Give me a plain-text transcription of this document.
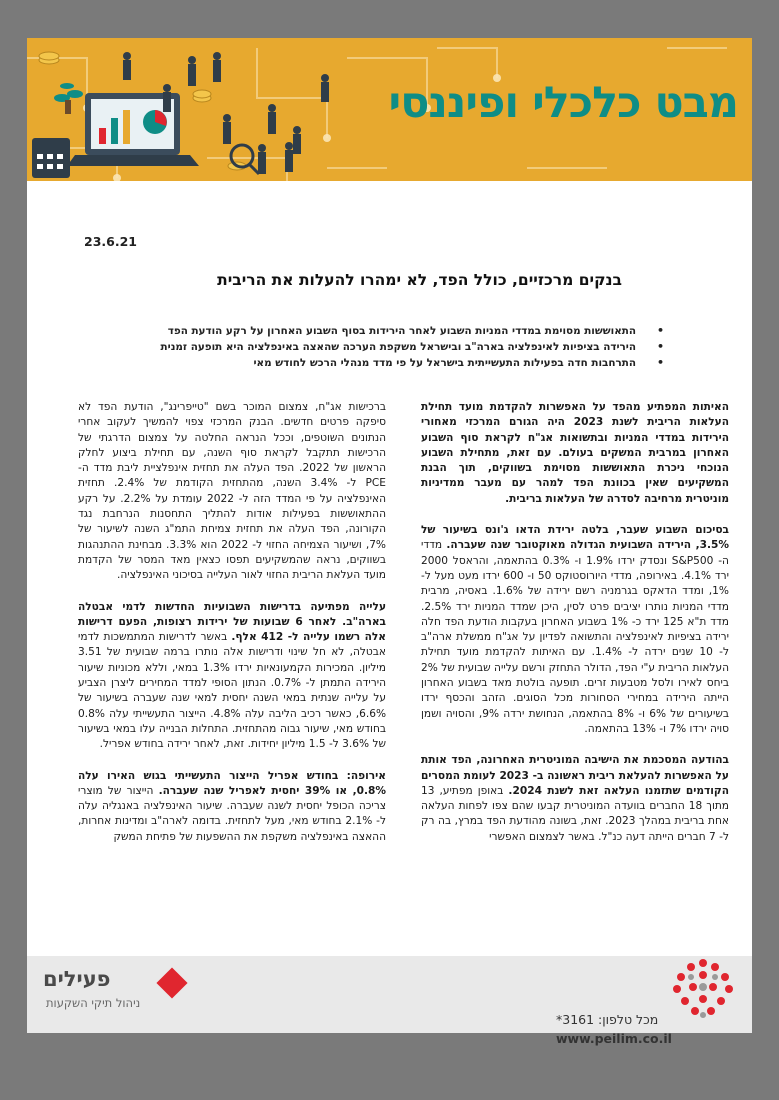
מבט כלכלי ופיננסי
23.6.21
בנקים מרכזיים, כולל הפד, לא ימהרו להעלות את הריבית
•
התאוששות מסוימת במדדי המניות השבוע לאחר הירידות בסוף השבוע האחרון על רקע הודעת הפד
•
הירידה בציפיות לאינפלציה בארה"ב ובישראל משקפת הערכה שהאצה באינפלציה היא תופעה זמנית
•
התרחבות חדה בפעילות התעשייתית בישראל על פי מדד מנהלי הרכש לחודש מאי

האיתות המפתיע מהפד על האפשרות להקדמת מועד תחילת העלאות הריבית לשנת 2023 היה הגורם המרכזי מאחורי הירידות במדדי המניות ובתשואות אג"ח לקראת סוף השבוע האחרון במרבית המשקים בעולם. עם זאת, מתחילת השבוע הנוכחי ניכרת התאוששות מסוימת בשווקים, תוך הבנת המשקיעים שאין בכוונת הפד למהר עם מעבר ממדיניות מוניטרית מרחיבה לסדרה של העלאות בריבית.

בסיכום השבוע שעבר, בלטה ירידת הדאו ג'ונס בשיעור של 3.5%, הירידה השבועית הגדולה מאוקטובר שנה שעברה. מדדי ה- S&P500 ונסדק ירדו 1.9% ו- 0.3% בהתאמה, והראסל 2000 ירד 4.1%. באירופה, מדדי היורוסטוקס 50 ו- 600 ירדו מעט מעל ל- 1%, ומדד הדאקס בגרמניה רשם ירידה של 1.6%. באסיה, מרבית מדדי המניות נותרו יציבים פרט לסין, היכן שמדד המניות ירד 2.5%. מדד ת"א 125 ירד כ- 1% בשבוע האחרון בעקבות הודעת הפד חלה ירידה בציפיות לאינפלציה והתשואה לפדיון על אג"ח ממשלת ארה"ב ל- 10 שנים ירדה ל- 1.4%. עם האיתות להקדמת מועד תחילת העלאות הריבית ע"י הפד, הדולר התחזק ורשם עלייה שבועית של 2% ביחס לאירו ולסל מטבעות זרים. תופעה בולטת מאד בשבוע האחרון הייתה הירידה במחירי הסחורות מכל הסוגים. הזהב והכסף ירדו בשיעורים של 6% ו- 8% בהתאמה, הנחושת ירדה 9%, והסויה ושמן סויה ירדו 7% ו- 13% בהתאמה.

בהודעה המסכמת את הישיבה המוניטרית האחרונה, הפד אותת על האפשרות להעלאת ריבית ראשונה ב- 2023 לעומת המסרים הקודמים שתזמנו העלאה זאת לשנת 2024. באופן מפתיע, 13 מתוך 18 החברים בוועדה המוניטרית קבעו שהם צפו לפחות העלאה אחת בריבית במהלך 2023. זאת, בשונה מהודעת הפד במרץ, בה רק ל- 7 חברים הייתה דעה כנ"ל. באשר לצמצום האפשרי

ברכישות אג"ח, צמצום המוכר בשם "טייפרינג", הודעת הפד לא סיפקה פרטים חדשים. הבנק המרכזי צפוי להמשיך לעקוב אחרי הנתונים השוטפים, וככל הנראה החלטה על צמצום הדרגתי של הרכישות תתקבל לקראת סוף השנה, עם תחילת ביצוע לחלק הראשון של 2022. הפד העלה את תחזית אינפלציית ליבת מדד ה- PCE ל- 3.4% השנה, מהתחזית הקודמת של 2.4%. תחזית האינפלציה על פי המדד הזה ל- 2022 עומדת על 2.2%. על רקע ההתאוששות בפעילות אודות להתליך התחסנות הנרחבת נגד הקורונה, הפד העלה את תחזית צמיחת התמ"ג השנה לשיעור של 7%, ושיעור הצמיחה החזוי ל- 2022 הוא 3.3%. מבחינת ההתנהגות בשווקים, נראה שהמשקיעים תפסו כצאין מאד המסר של הקדמת מועד העלאת הריבית החזוי לאור העלייה בסיכוני האינפלציה.

עלייה מפתיעה בדרישות השבועיות החדשות לדמי אבטלה בארה"ב. לאחר 6 שבועות של ירידות רצופות, הפעם דרישות אלה רשמו עלייה ל- 412 אלף. באשר לדרישות המתמשכות לדמי אבטלה, לא חל שינוי ודרישות אלה נותרו ברמה שבועית של 3.51 מיליון. המכירות הקמעונאיות ירדו 1.3% במאי, וללא מכוניות שיעור הירידה התמתן ל- 0.7%. הנתון הסופי למדד המחירים ליצרן הצביע על עלייה שנתית במאי השנה יחסית למאי שנה שעברה בשיעור של 6.6%, כאשר רכיב הליבה עלה 4.8%. הייצור התעשייתי עלה 0.8% בחודש מאי, שיעור גבוה מהתחזית. התחלות הבנייה עלו במאי בשיעור של 3.6% ל- 1.5 מיליון יחידות. זאת, לאחר ירידה בחודש אפריל.

אירופה: בחודש אפריל הייצור התעשייתי בגוש האירו עלה 0.8%, או 39% יחסית לאפריל שנה שעברה. הייצור של מוצרי צריכה הכופל יחסית לשנה שעברה. שיעור האינפלציה באנגליה עלה ל- 2.1% בחודש מאי, מעל לתחזית. בדומה לארה"ב ומדינות אחרות, ההאצה באינפלציה משקפת את ההשפעות של פתיחת המשק

פעילים
ניהול תיקי השקעות
מכל טלפון: 3161*
www.peilim.co.il
